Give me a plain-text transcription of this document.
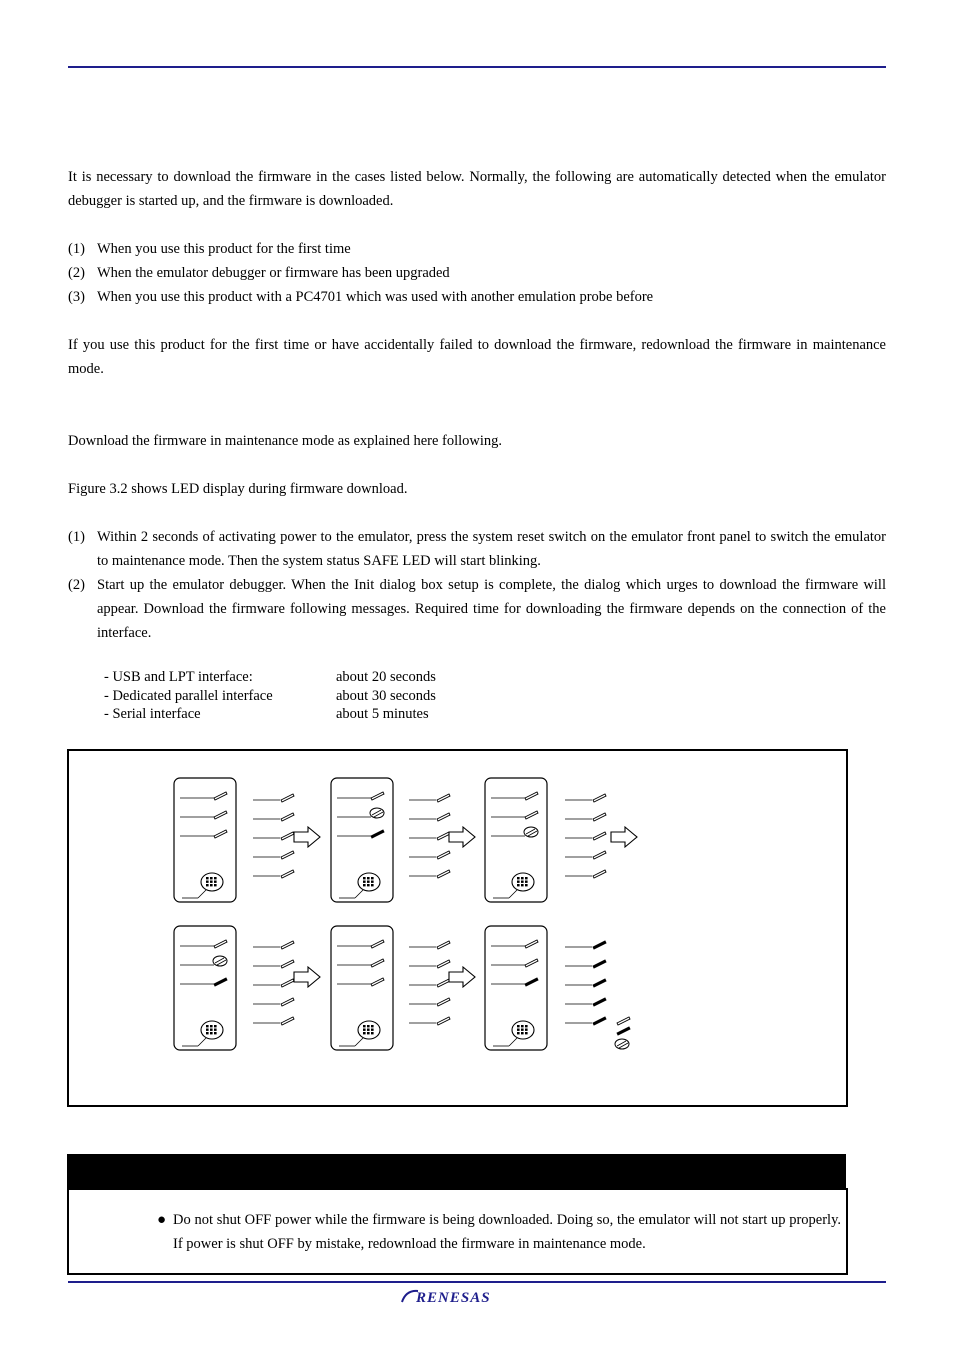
It is necessary to download the firmware in the cases listed below. Normally, the following are automatically detected when the emulator debugger is started up, and the firmware is downloaded.

(1) When you use this product for the first time
(2) When the emulator debugger or firmware has been upgraded
(3) When you use this product with a PC4701 which was used with another emulation probe before

If you use this product for the first time or have accidentally failed to download the firmware, redownload the firmware in maintenance mode.

Download the firmware in maintenance mode as explained here following.

Figure 3.2 shows LED display during firmware download.

(1) Within 2 seconds of activating power to the emulator, press the system reset switch on the emulator front panel to switch the emulator to maintenance mode. Then the system status SAFE LED will start blinking.
(2) Start up the emulator debugger. When the Init dialog box setup is complete, the dialog which urges to download the firmware will appear. Download the firmware following messages. Required time for downloading the firmware depends on the connection of the interface.
- USB and LPT interface:	about 20 seconds
- Dedicated parallel interface	about 30 seconds
- Serial interface	about 5 minutes
● Do not shut OFF power while the firmware is being downloaded. Doing so, the emulator will not start up properly. If power is shut OFF by mistake, redownload the firmware in maintenance mode.
RENESAS
